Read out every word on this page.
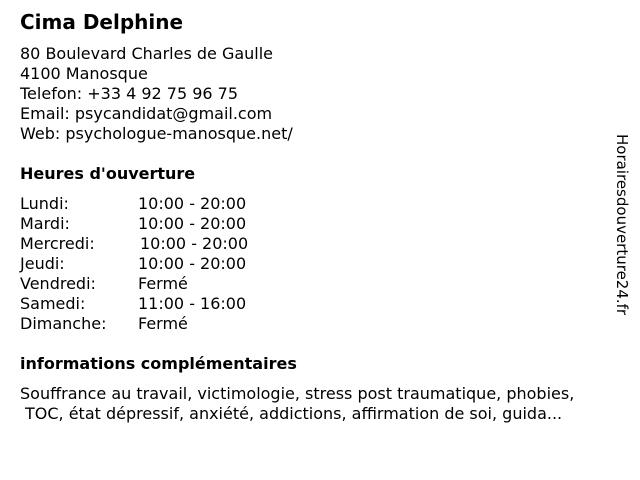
Cima Delphine
80 Boulevard Charles de Gaulle
4100 Manosque
Telefon: +33 4 92 75 96 75
Email: psycandidat@gmail.com
Web: psychologue-manosque.net/
Heures d'ouverture
Lundi:	10:00 - 20:00
Mardi:	10:00 - 20:00
Mercredi:	10:00 - 20:00
Jeudi:	10:00 - 20:00
Vendredi:	Fermé
Samedi:	11:00 - 16:00
Dimanche: Fermé
informations complémentaires
Souffrance au travail, victimologie, stress post traumatique, phobies,
TOC, état dépressif, anxiété, addictions, affirmation de soi, guida...
Horairesdouverture24.fr
